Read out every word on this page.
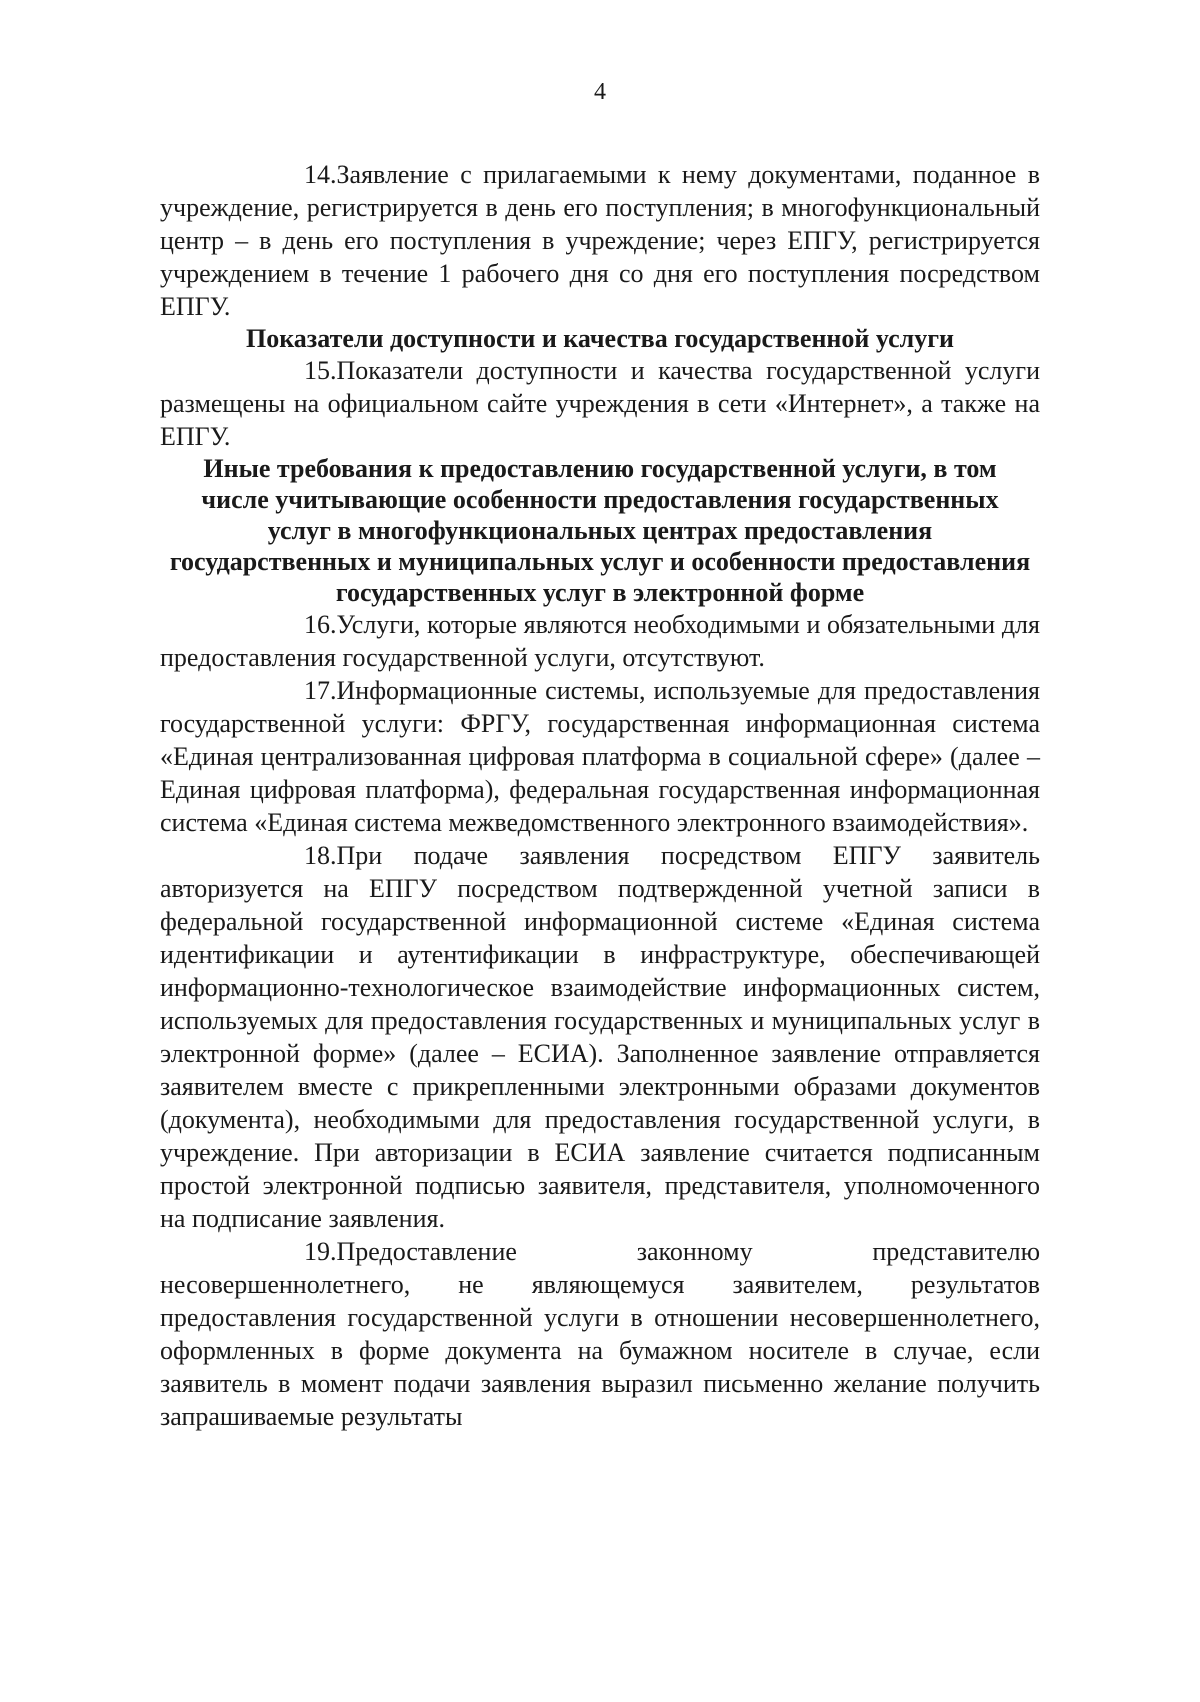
4

14.Заявление с прилагаемыми к нему документами, поданное в учреждение, регистрируется в день его поступления; в многофункциональный центр – в день его поступления в учреждение; через ЕПГУ, регистрируется учреждением в течение 1 рабочего дня со дня его поступления посредством ЕПГУ.

Показатели доступности и качества государственной услуги

15.Показатели доступности и качества государственной услуги размещены на официальном сайте учреждения в сети «Интернет», а также на ЕПГУ.

Иные требования к предоставлению государственной услуги, в том числе учитывающие особенности предоставления государственных услуг в многофункциональных центрах предоставления государственных и муниципальных услуг и особенности предоставления государственных услуг в электронной форме

16.Услуги, которые являются необходимыми и обязательными для предоставления государственной услуги, отсутствуют.

17.Информационные системы, используемые для предоставления государственной услуги: ФРГУ, государственная информационная система «Единая централизованная цифровая платформа в социальной сфере» (далее – Единая цифровая платформа), федеральная государственная информационная система «Единая система межведомственного электронного взаимодействия».

18.При подаче заявления посредством ЕПГУ заявитель авторизуется на ЕПГУ посредством подтвержденной учетной записи в федеральной государственной информационной системе «Единая система идентификации и аутентификации в инфраструктуре, обеспечивающей информационно-технологическое взаимодействие информационных систем, используемых для предоставления государственных и муниципальных услуг в электронной форме» (далее – ЕСИА). Заполненное заявление отправляется заявителем вместе с прикрепленными электронными образами документов (документа), необходимыми для предоставления государственной услуги, в учреждение. При авторизации в ЕСИА заявление считается подписанным простой электронной подписью заявителя, представителя, уполномоченного на подписание заявления.

19.Предоставление законному представителю несовершеннолетнего, не являющемуся заявителем, результатов предоставления государственной услуги в отношении несовершеннолетнего, оформленных в форме документа на бумажном носителе в случае, если заявитель в момент подачи заявления выразил письменно желание получить запрашиваемые результаты
